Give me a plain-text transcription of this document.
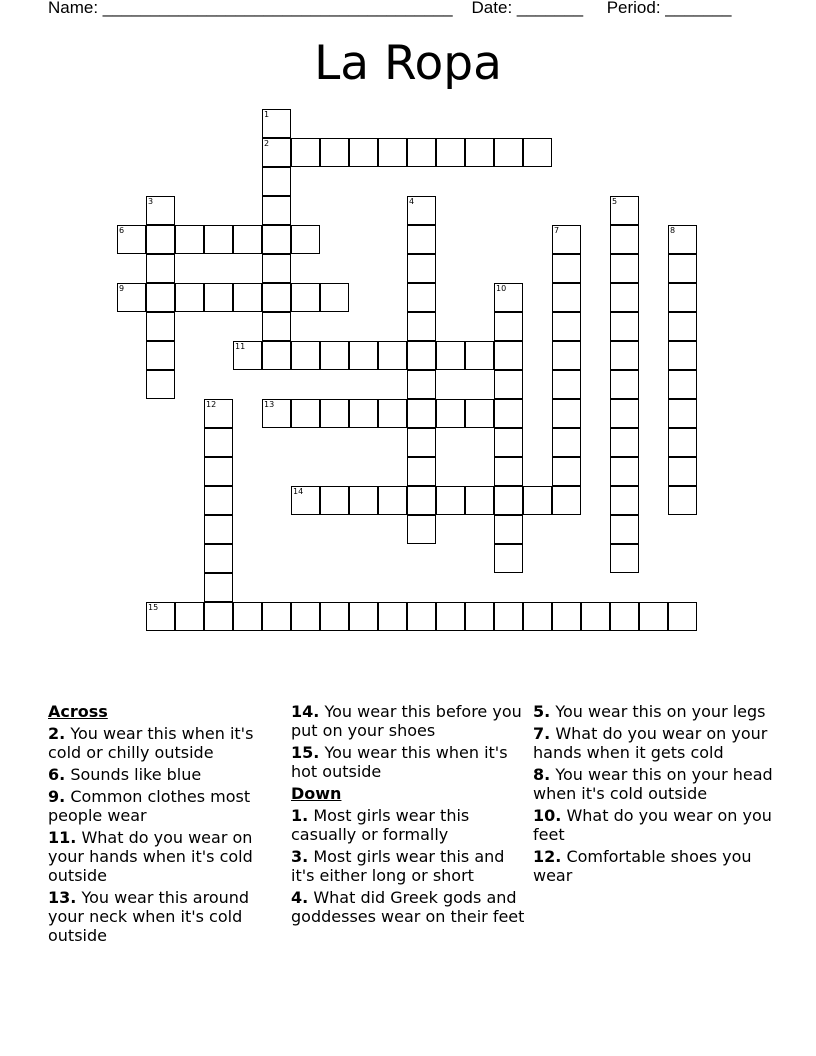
Name: _____________________________________ Date: _______ Period: _______
La Ropa
1
2
3	4	5
6	7	8
9	10
11
12	13
14
15
Across
2. You wear this when it's cold or chilly outside
6. Sounds like blue
9. Common clothes most people wear
11. What do you wear on your hands when it's cold outside
13. You wear this around your neck when it's cold outside
14. You wear this before you put on your shoes
15. You wear this when it's hot outside
Down
1. Most girls wear this casually or formally
3. Most girls wear this and it's either long or short
4. What did Greek gods and goddesses wear on their feet
5. You wear this on your legs
7. What do you wear on your hands when it gets cold
8. You wear this on your head when it's cold outside
10. What do you wear on you feet
12. Comfortable shoes you wear
